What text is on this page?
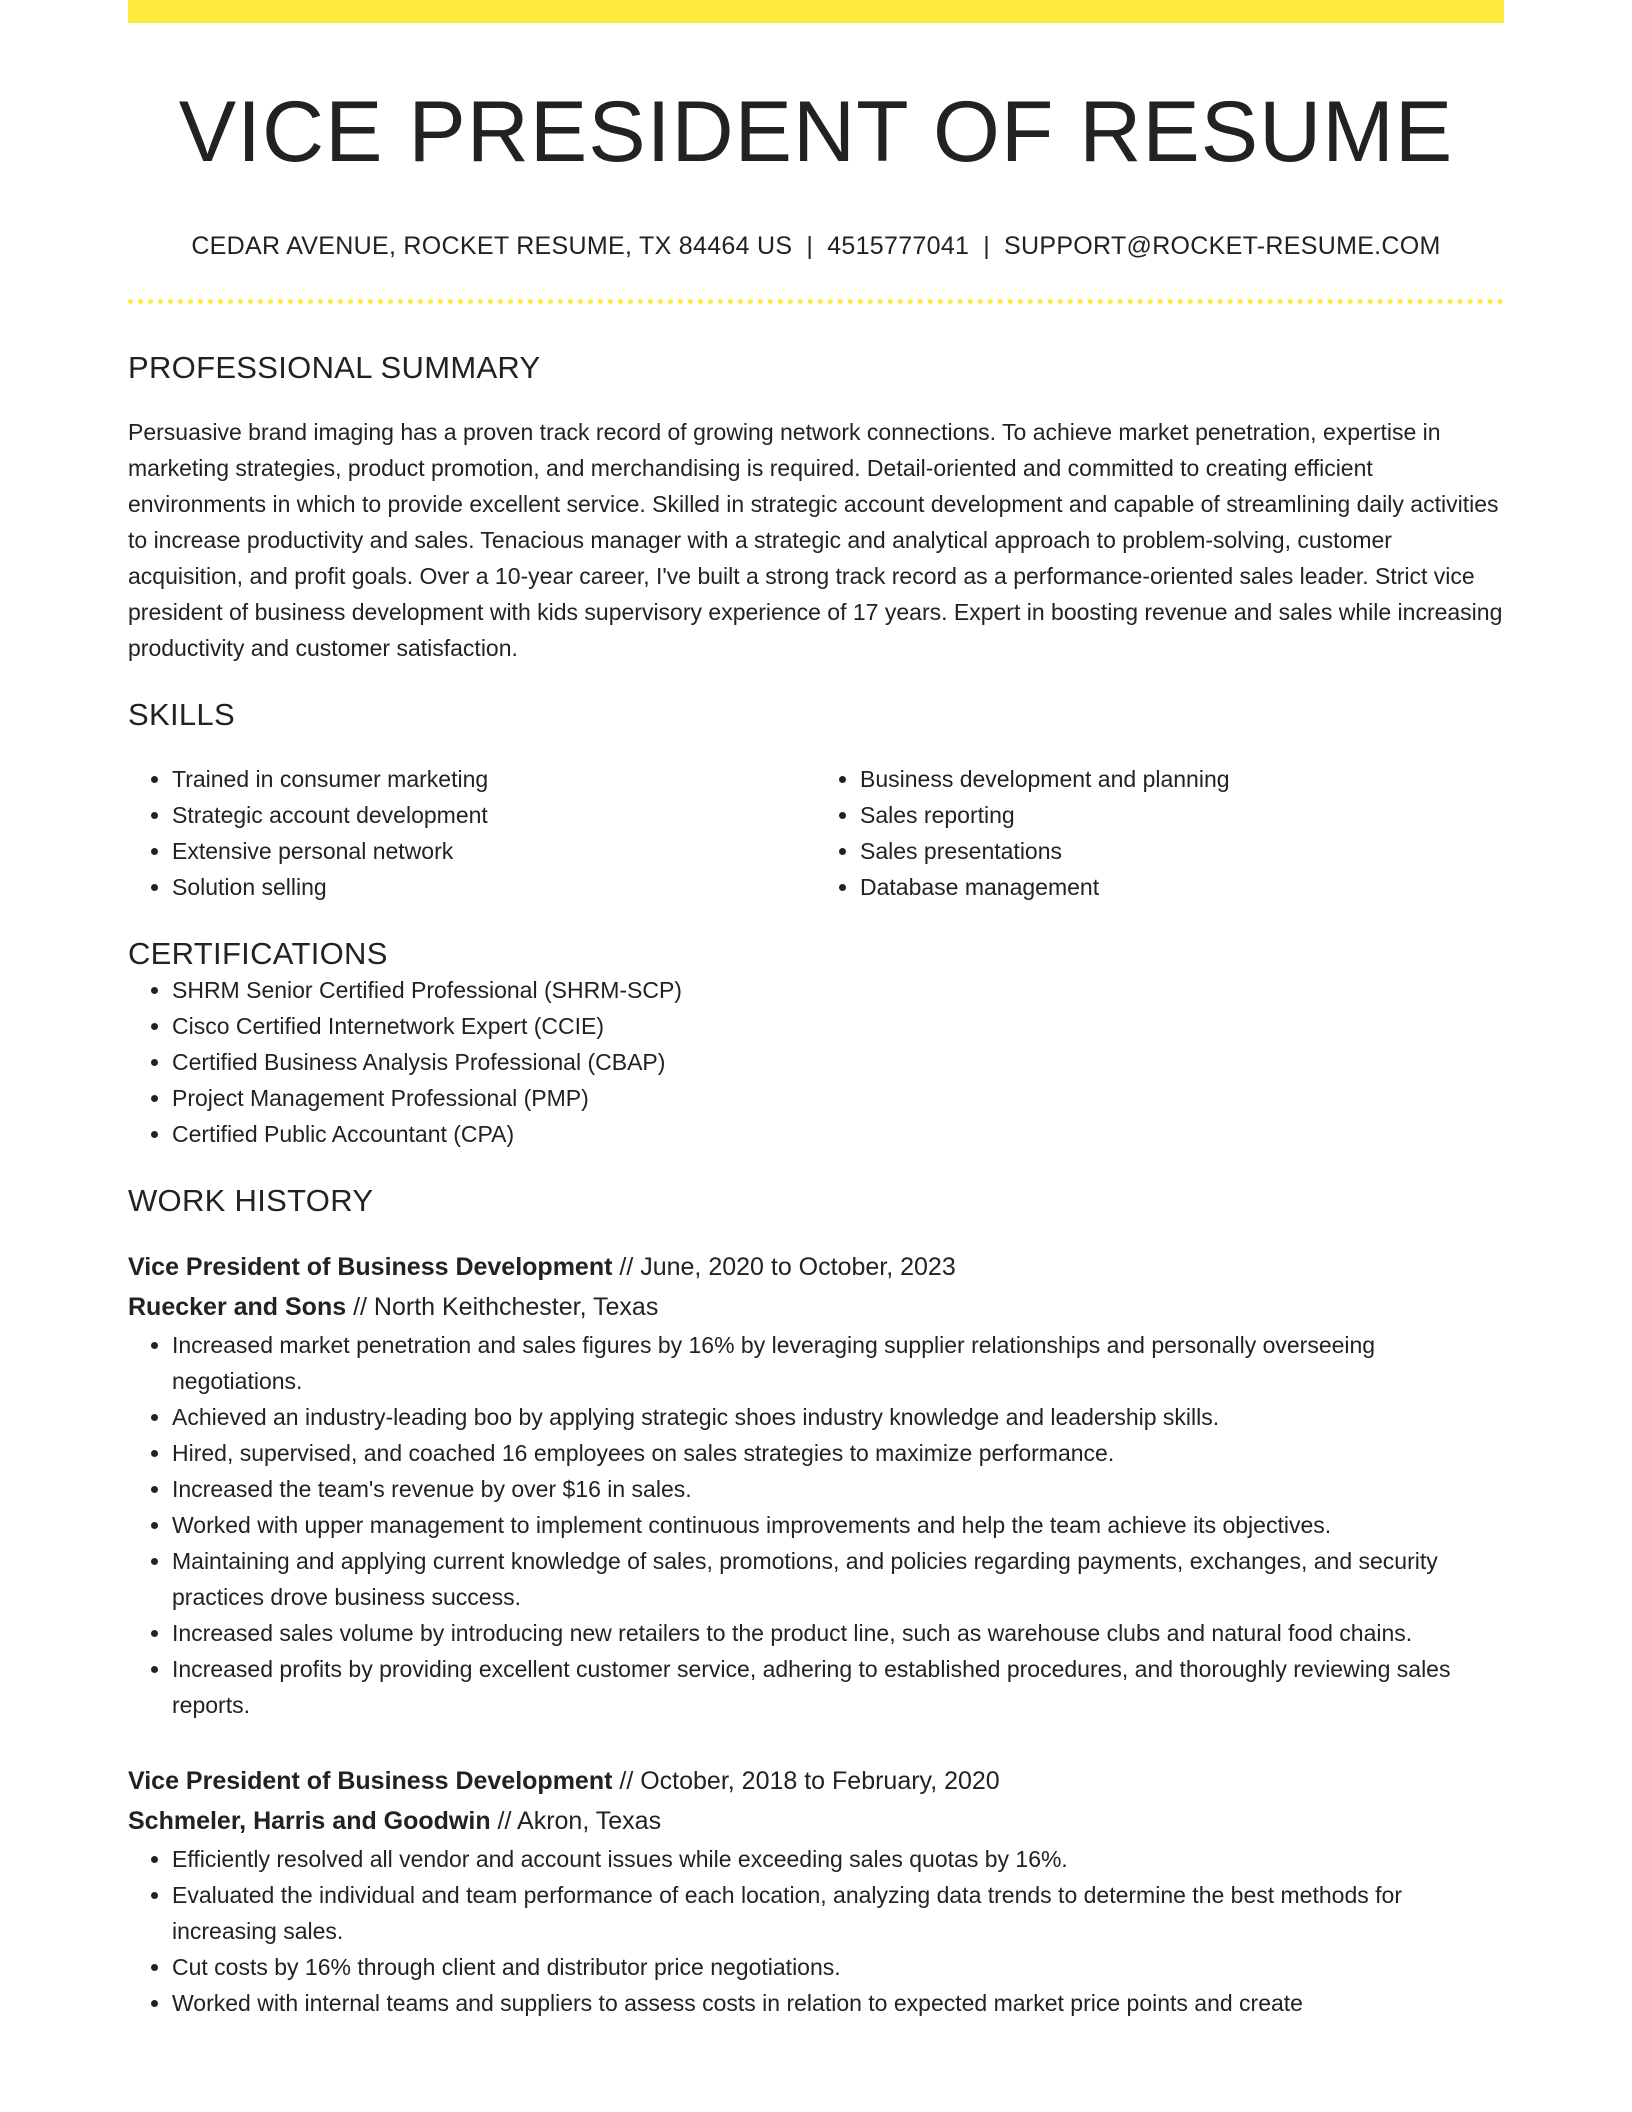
VICE PRESIDENT OF RESUME
CEDAR AVENUE, ROCKET RESUME, TX 84464 US | 4515777041 | SUPPORT@ROCKET-RESUME.COM
PROFESSIONAL SUMMARY

Persuasive brand imaging has a proven track record of growing network connections. To achieve market penetration, expertise in marketing strategies, product promotion, and merchandising is required. Detail-oriented and committed to creating efficient environments in which to provide excellent service. Skilled in strategic account development and capable of streamlining daily activities to increase productivity and sales. Tenacious manager with a strategic and analytical approach to problem-solving, customer acquisition, and profit goals. Over a 10-year career, I've built a strong track record as a performance-oriented sales leader. Strict vice president of business development with kids supervisory experience of 17 years. Expert in boosting revenue and sales while increasing productivity and customer satisfaction.

SKILLS
• Trained in consumer marketing
• Strategic account development
• Extensive personal network
• Solution selling
• Business development and planning
• Sales reporting
• Sales presentations
• Database management
CERTIFICATIONS
• SHRM Senior Certified Professional (SHRM-SCP)
• Cisco Certified Internetwork Expert (CCIE)
• Certified Business Analysis Professional (CBAP)
• Project Management Professional (PMP)
• Certified Public Accountant (CPA)
WORK HISTORY
Vice President of Business Development // June, 2020 to October, 2023
Ruecker and Sons // North Keithchester, Texas
• Increased market penetration and sales figures by 16% by leveraging supplier relationships and personally overseeing negotiations.
• Achieved an industry-leading boo by applying strategic shoes industry knowledge and leadership skills.
• Hired, supervised, and coached 16 employees on sales strategies to maximize performance.
• Increased the team's revenue by over $16 in sales.
• Worked with upper management to implement continuous improvements and help the team achieve its objectives.
• Maintaining and applying current knowledge of sales, promotions, and policies regarding payments, exchanges, and security practices drove business success.
• Increased sales volume by introducing new retailers to the product line, such as warehouse clubs and natural food chains.
• Increased profits by providing excellent customer service, adhering to established procedures, and thoroughly reviewing sales reports.
Vice President of Business Development // October, 2018 to February, 2020
Schmeler, Harris and Goodwin // Akron, Texas
• Efficiently resolved all vendor and account issues while exceeding sales quotas by 16%.
• Evaluated the individual and team performance of each location, analyzing data trends to determine the best methods for increasing sales.
• Cut costs by 16% through client and distributor price negotiations.
• Worked with internal teams and suppliers to assess costs in relation to expected market price points and create
